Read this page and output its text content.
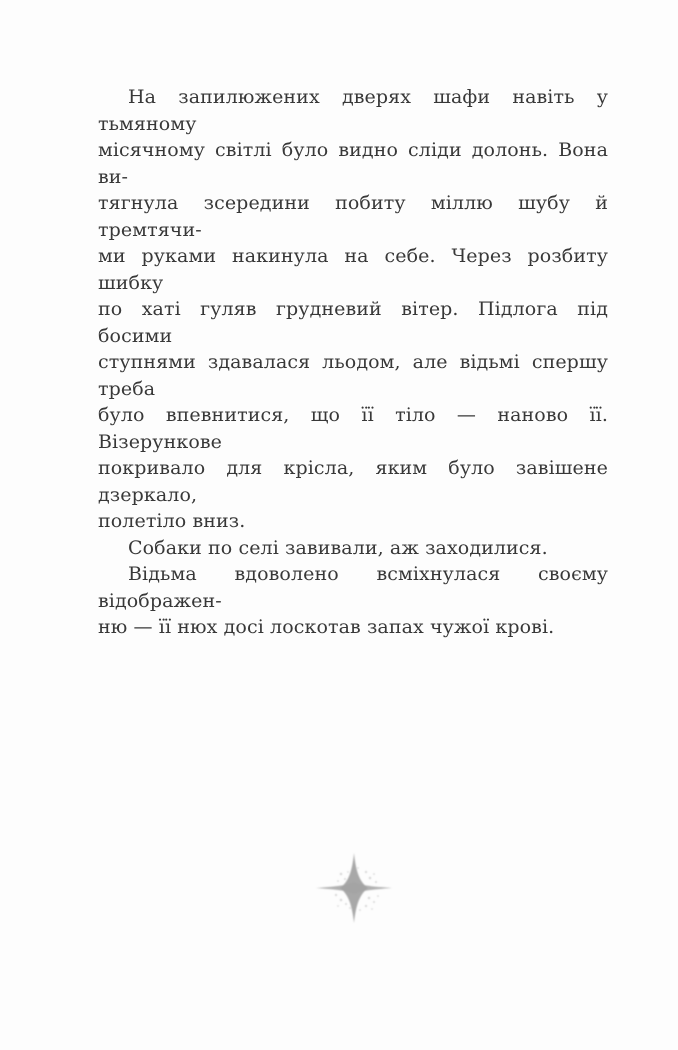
На запилюжених дверях шафи навіть у тьмяному
місячному світлі було видно сліди долонь. Вона ви-
тягнула зсередини побиту міллю шубу й тремтячи-
ми руками накинула на себе. Через розбиту шибку
по хаті гуляв грудневий вітер. Підлога під босими
ступнями здавалася льодом, але відьмі спершу треба
було впевнитися, що її тіло — наново її. Візерункове
покривало для крісла, яким було завішене дзеркало,
полетіло вниз.

Собаки по селі завивали, аж заходилися.

Відьма вдоволено всміхнулася своєму відображен-
ню — її нюх досі лоскотав запах чужої крові.
